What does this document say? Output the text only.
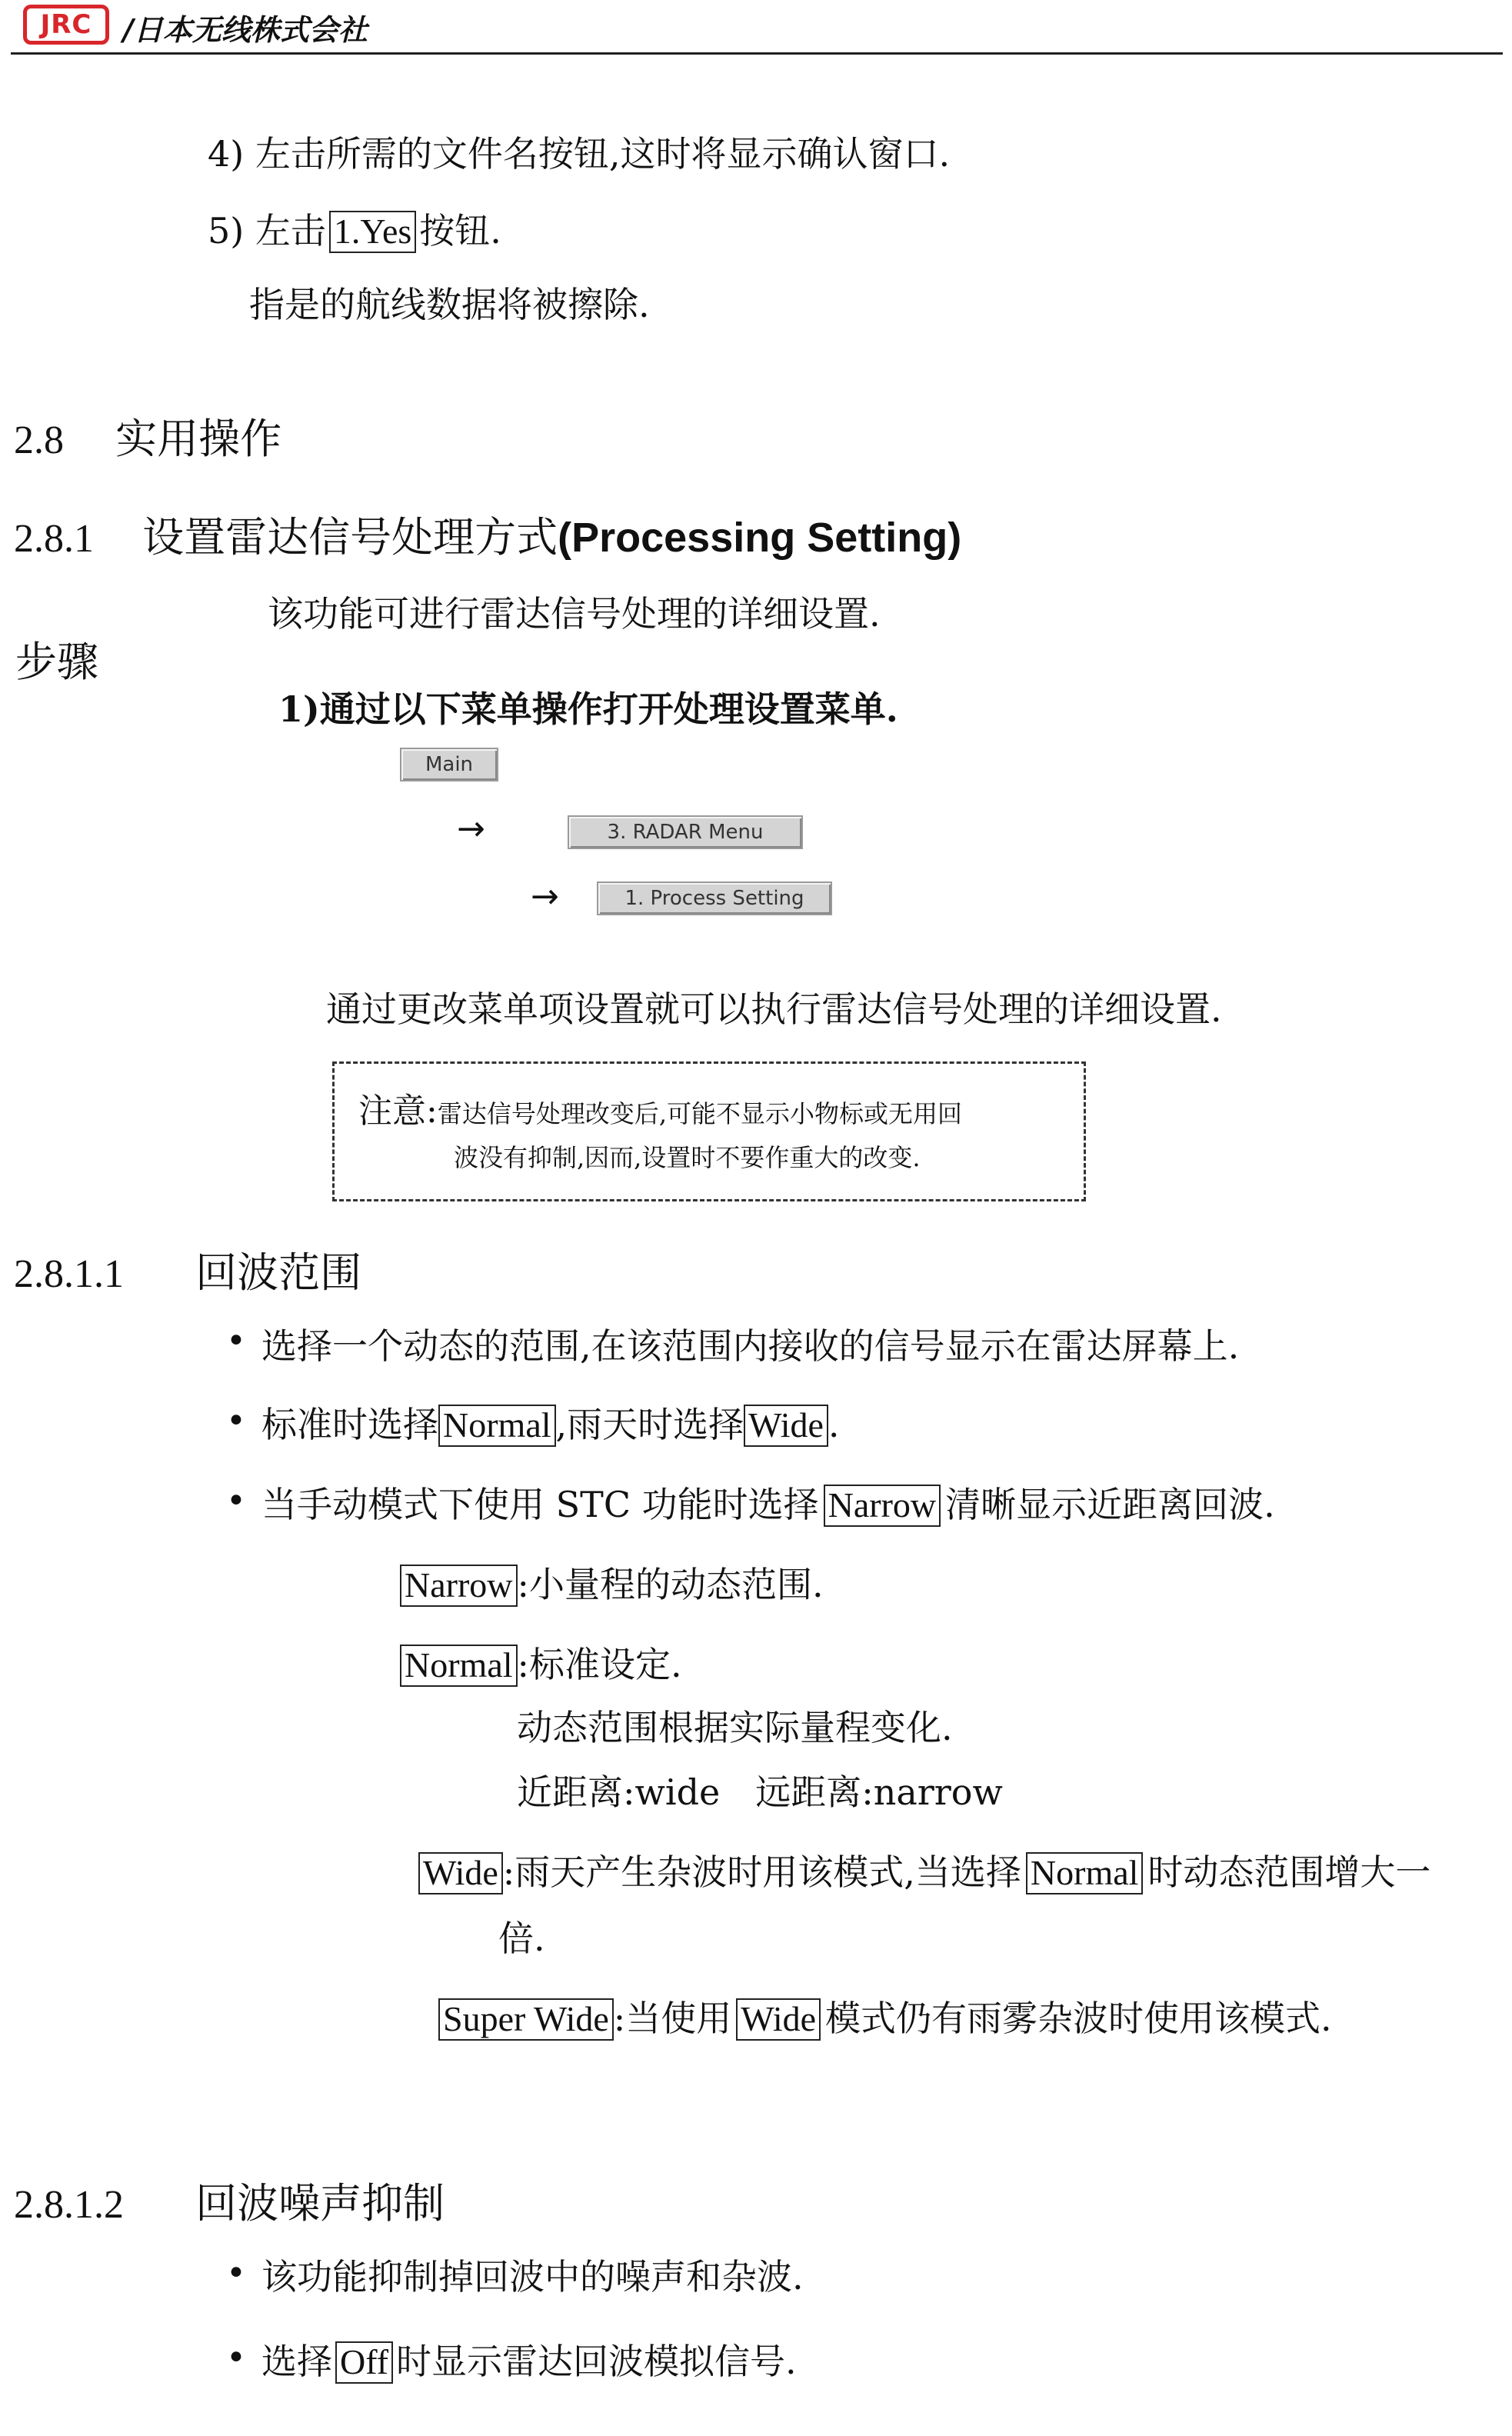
JRC	/日本无线株式会社
4) 左击所需的文件名按钮,这时将显示确认窗口.
5) 左击 1.Yes 按钮.
指是的航线数据将被擦除.
2.8 实用操作
2.8.1 设置雷达信号处理方式(Processing Setting)
该功能可进行雷达信号处理的详细设置.
步骤
1)通过以下菜单操作打开处理设置菜单.
Main
→	3. RADAR Menu
→	1. Process Setting
通过更改菜单项设置就可以执行雷达信号处理的详细设置.
注意:雷达信号处理改变后,可能不显示小物标或无用回
波没有抑制,因而,设置时不要作重大的改变.
2.8.1.1 回波范围
• 选择一个动态的范围,在该范围内接收的信号显示在雷达屏幕上.
• 标准时选择 Normal ,雨天时选择 Wide .
• 当手动模式下使用 STC 功能时选择 Narrow 清晰显示近距离回波.
Narrow :小量程的动态范围.
Normal :标准设定.
动态范围根据实际量程变化.
近距离:wide　远距离:narrow
Wide :雨天产生杂波时用该模式,当选择 Normal 时动态范围增大一
倍.
Super Wide :当使用 Wide 模式仍有雨雾杂波时使用该模式.
2.8.1.2 回波噪声抑制
• 该功能抑制掉回波中的噪声和杂波.
• 选择 Off 时显示雷达回波模拟信号.
